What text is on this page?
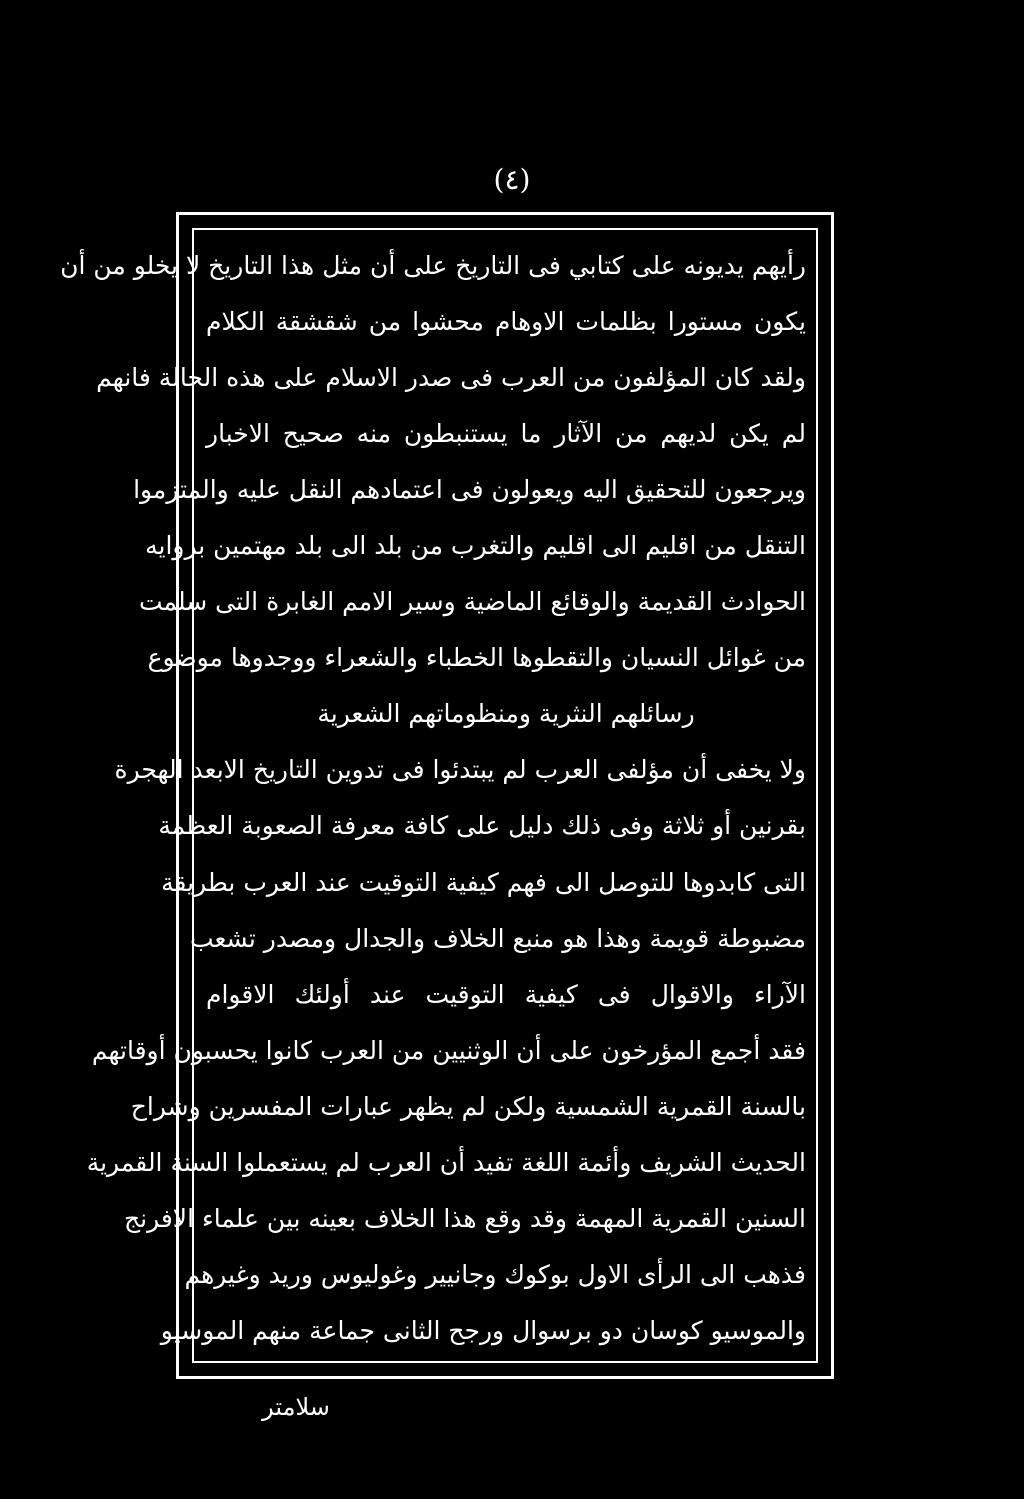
(٤)
رأيهم يديونه على كتابي فى التاريخ على أن مثل هذا التاريخ لا يخلو من أن
يكون مستورا بظلمات الاوهام محشوا من شقشقة الكلام
ولقد كان المؤلفون من العرب فى صدر الاسلام على هذه الحالة فانهم
لم يكن لديهم من الآثار ما يستنبطون منه صحيح الاخبار
ويرجعون للتحقيق اليه ويعولون فى اعتمادهم النقل عليه والمتزموا
التنقل من اقليم الى اقليم والتغرب من بلد الى بلد مهتمين بروايه
الحوادث القديمة والوقائع الماضية وسير الامم الغابرة التى سلمت
من غوائل النسيان والتقطوها الخطباء والشعراء ووجدوها موضوع
رسائلهم النثرية ومنظوماتهم الشعرية
ولا يخفى أن مؤلفى العرب لم يبتدئوا فى تدوين التاريخ الابعد الهجرة
بقرنين أو ثلاثة وفى ذلك دليل على كافة معرفة الصعوبة العظمة
التى كابدوها للتوصل الى فهم كيفية التوقيت عند العرب بطريقة
مضبوطة قويمة وهذا هو منبع الخلاف والجدال ومصدر تشعب
الآراء والاقوال فى كيفية التوقيت عند أولئك الاقوام
فقد أجمع المؤرخون على أن الوثنيين من العرب كانوا يحسبون أوقاتهم
بالسنة القمرية الشمسية ولكن لم يظهر عبارات المفسرين وشراح
الحديث الشريف وأئمة اللغة تفيد أن العرب لم يستعملوا السنة القمرية
السنين القمرية المهمة وقد وقع هذا الخلاف بعينه بين علماء الافرنج
فذهب الى الرأى الاول بوكوك وجانيير وغوليوس وريد وغيرهم
والموسيو كوسان دو برسوال ورجح الثانى جماعة منهم الموسيو
سلامتر
